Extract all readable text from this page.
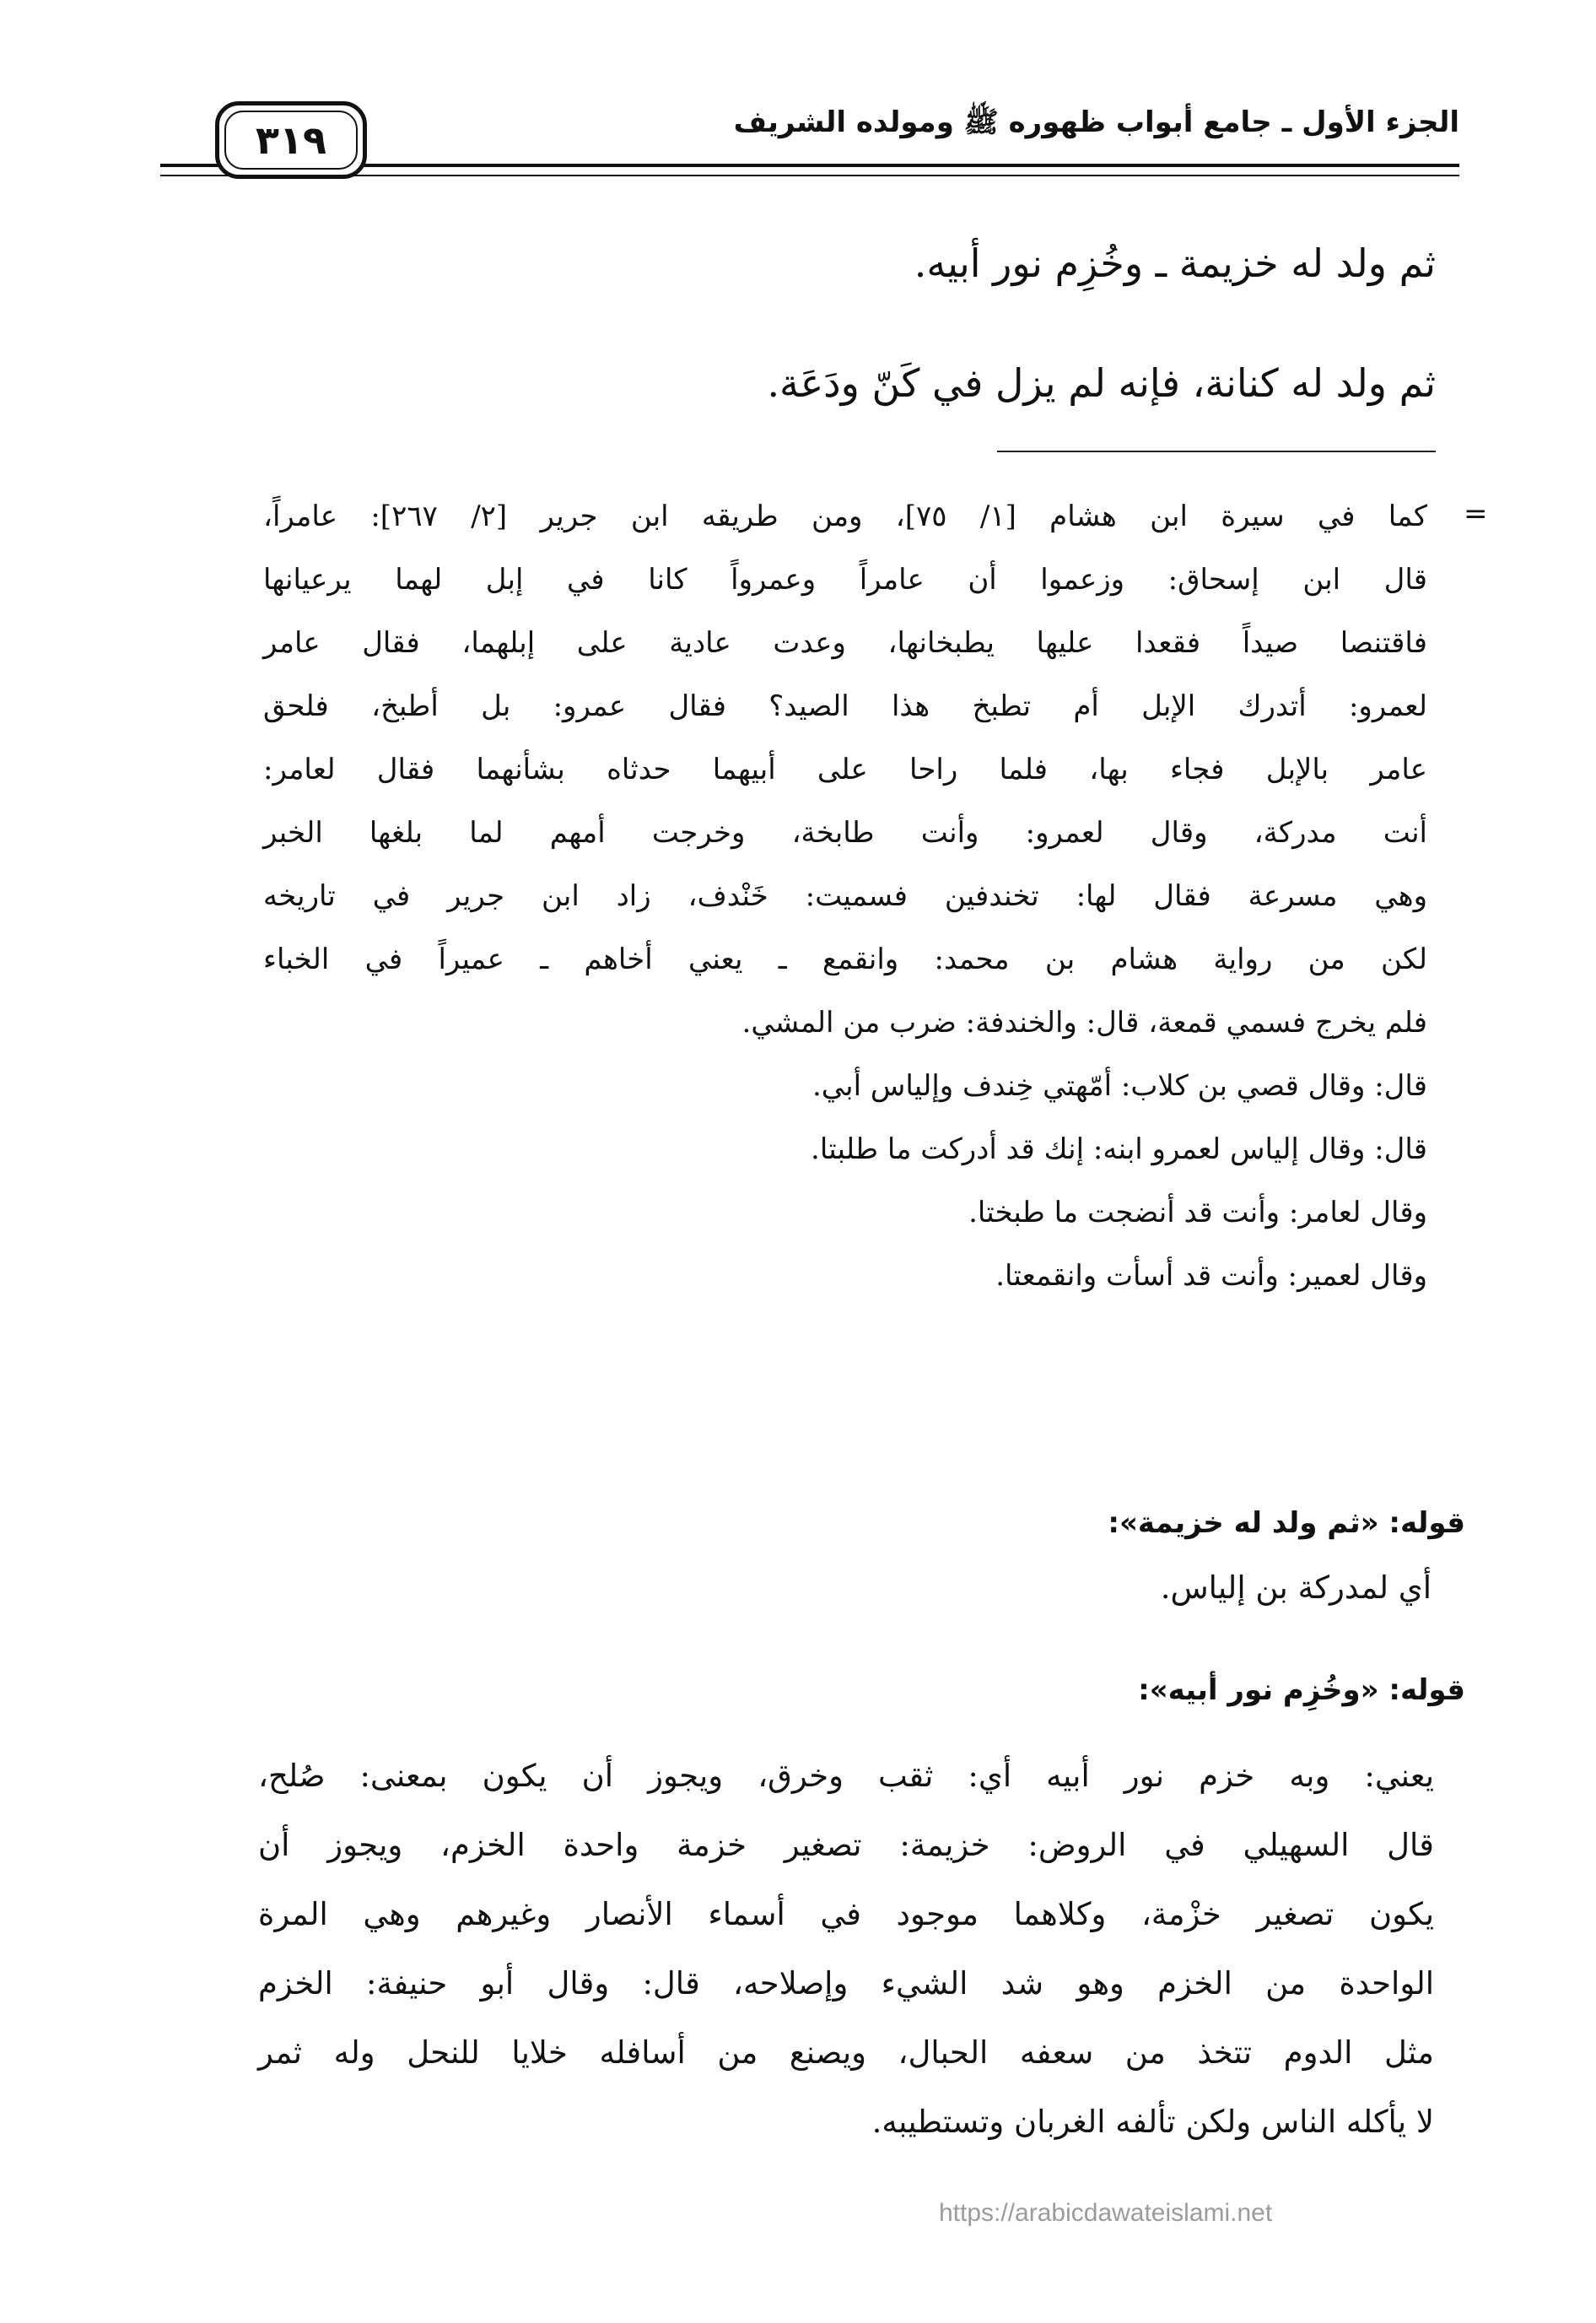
الجزء الأول ـ جامع أبواب ظهوره ﷺ ومولده الشريف
٣١٩
ثم ولد له خزيمة ـ وخُزِم نور أبيه.
ثم ولد له كنانة، فإنه لم يزل في كَنّ ودَعَة.
=
كما في سيرة ابن هشام [١/ ٧٥]، ومن طريقه ابن جرير [٢/ ٢٦٧]: عامراً،
قال ابن إسحاق: وزعموا أن عامراً وعمرواً كانا في إبل لهما يرعيانها
فاقتنصا صيداً فقعدا عليها يطبخانها، وعدت عادية على إبلهما، فقال عامر
لعمرو: أتدرك الإبل أم تطبخ هذا الصيد؟ فقال عمرو: بل أطبخ، فلحق
عامر بالإبل فجاء بها، فلما راحا على أبيهما حدثاه بشأنهما فقال لعامر:
أنت مدركة، وقال لعمرو: وأنت طابخة، وخرجت أمهم لما بلغها الخبر
وهي مسرعة فقال لها: تخندفين فسميت: خَنْدف، زاد ابن جرير في تاريخه
لكن من رواية هشام بن محمد: وانقمع ـ يعني أخاهم ـ عميراً في الخباء
فلم يخرج فسمي قمعة، قال: والخندفة: ضرب من المشي.
قال: وقال قصي بن كلاب: أمّهتي خِندف وإلياس أبي.
قال: وقال إلياس لعمرو ابنه: إنك قد أدركت ما طلبتا.
وقال لعامر: وأنت قد أنضجت ما طبختا.
وقال لعمير: وأنت قد أسأت وانقمعتا.
قوله: «ثم ولد له خزيمة»:
أي لمدركة بن إلياس.
قوله: «وخُزِم نور أبيه»:
يعني: وبه خزم نور أبيه أي: ثقب وخرق، ويجوز أن يكون بمعنى: صُلح،
قال السهيلي في الروض: خزيمة: تصغير خزمة واحدة الخزم، ويجوز أن
يكون تصغير خزْمة، وكلاهما موجود في أسماء الأنصار وغيرهم وهي المرة
الواحدة من الخزم وهو شد الشيء وإصلاحه، قال: وقال أبو حنيفة: الخزم
مثل الدوم تتخذ من سعفه الحبال، ويصنع من أسافله خلايا للنحل وله ثمر
لا يأكله الناس ولكن تألفه الغربان وتستطيبه.
https://arabicdawateislami.net
